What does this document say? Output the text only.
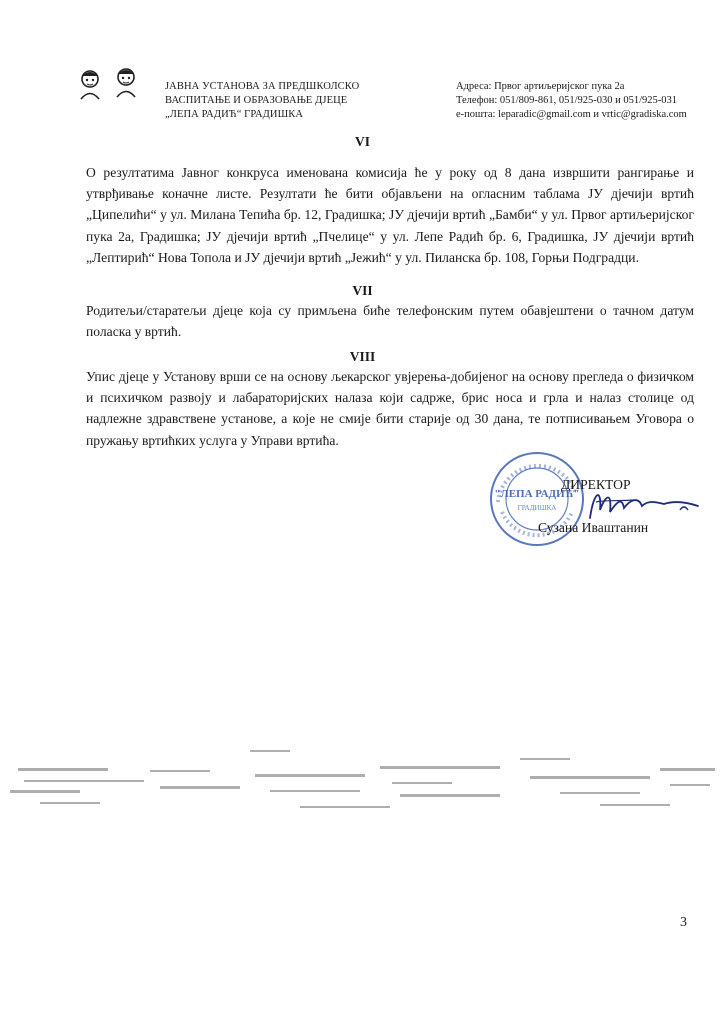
ЈАВНА УСТАНОВА ЗА ПРЕДШКОЛСКО
ВАСПИТАЊЕ И ОБРАЗОВАЊЕ ДЈЕЦЕ
„ЛЕПА РАДИЋ“ ГРАДИШКА
Адреса: Првог артиљеријског пука 2а
Телефон: 051/809-861, 051/925-030 и 051/925-031
е-пошта: leparadic@gmail.com и vrtic@gradiska.com
VI
О резултатима Јавног конкруса именована комисија ће у року од 8 дана извршити рангирање и утврђивање коначне листе. Резултати ће бити објављени на огласним таблама ЈУ дјечији вртић „Ципелићи“ у ул. Милана Тепића бр. 12, Градишка; ЈУ дјечији вртић „Бамби“ у ул. Првог артиљеријског пука 2а, Градишка; ЈУ дјечији вртић „Пчелице“ у ул. Лепе Радић бр. 6, Градишка, ЈУ дјечији вртић „Лептирић“ Нова Топола и ЈУ дјечији вртић „Јежић“ у ул. Пиланска бр. 108, Горњи Подградци.
VII
Родитељи/старатељи дјеце која су примљена биће телефонским путем обавјештени о тачном датум поласка у вртић.
VIII
Упис дјеце у Установу врши се на основу љекарског увјерења-добијеног на основу прегледа о физичком и психичком развоју и лабараторијских налаза који садрже, брис носа и грла и налаз столице од надлежне здравствене установе, а које не смије бити старије од 30 дана, те потписивањем Уговора о пружању вртићких услуга у Управи вртића.
"ЛЕПА РАДИЋ"
ГРАДИШКА
ДИРЕКТОР
Сузана Иваштанин
3
